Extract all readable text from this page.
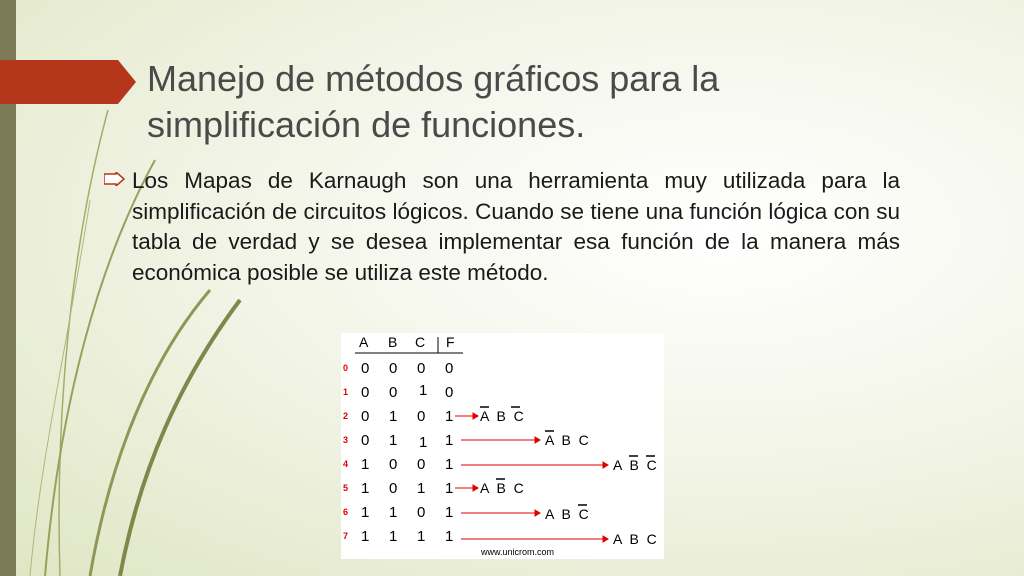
Manejo de métodos gráficos para la
simplificación de funciones.

Los Mapas de Karnaugh son una herramienta muy utilizada para la simplificación de circuitos lógicos. Cuando se tiene una función lógica con su tabla de verdad y se desea implementar esa función de la manera más económica posible se utiliza este método.

A B C F
0 0 0 0 0
1 0 0 1 0
2 0 1 0 1
3 0 1 1 1
4 1 0 0 1
5 1 0 1 1
6 1 1 0 1
7 1 1 1 1
A B C
A B C
A B C
A B C
A B C
A B C
www.unicrom.com
